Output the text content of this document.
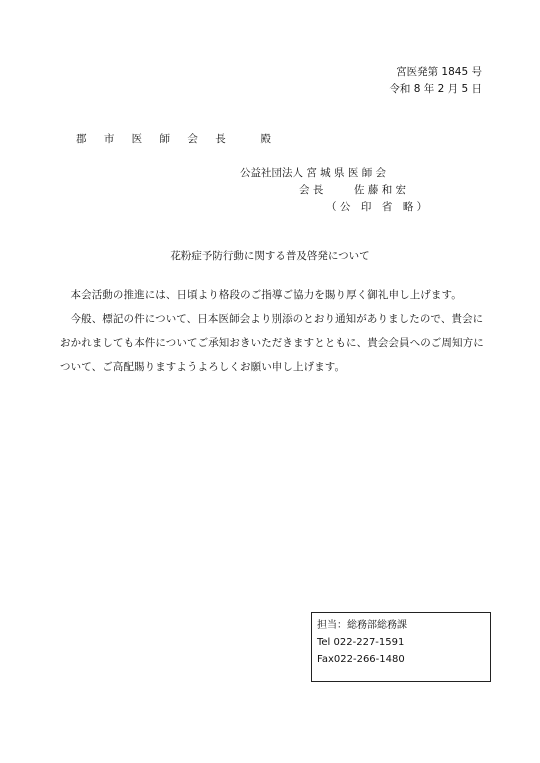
宮医発第 1845 号
令和 8 年 2 月 5 日
郡 市 医 師 会 長　 殿
公益社団法人 宮 城 県 医 師 会
会 長	佐 藤 和 宏
（ 公　印　省　略 ）
花粉症予防行動に関する普及啓発について

本会活動の推進には、日頃より格段のご指導ご協力を賜り厚く御礼申し上げます。

今般、標記の件について、日本医師会より別添のとおり通知がありましたので、貴会におかれましても本件についてご承知おきいただきますとともに、貴会会員へのご周知方について、ご高配賜りますようよろしくお願い申し上げます。

担当：総務部総務課
Tel 022-227-1591
Fax022-266-1480
